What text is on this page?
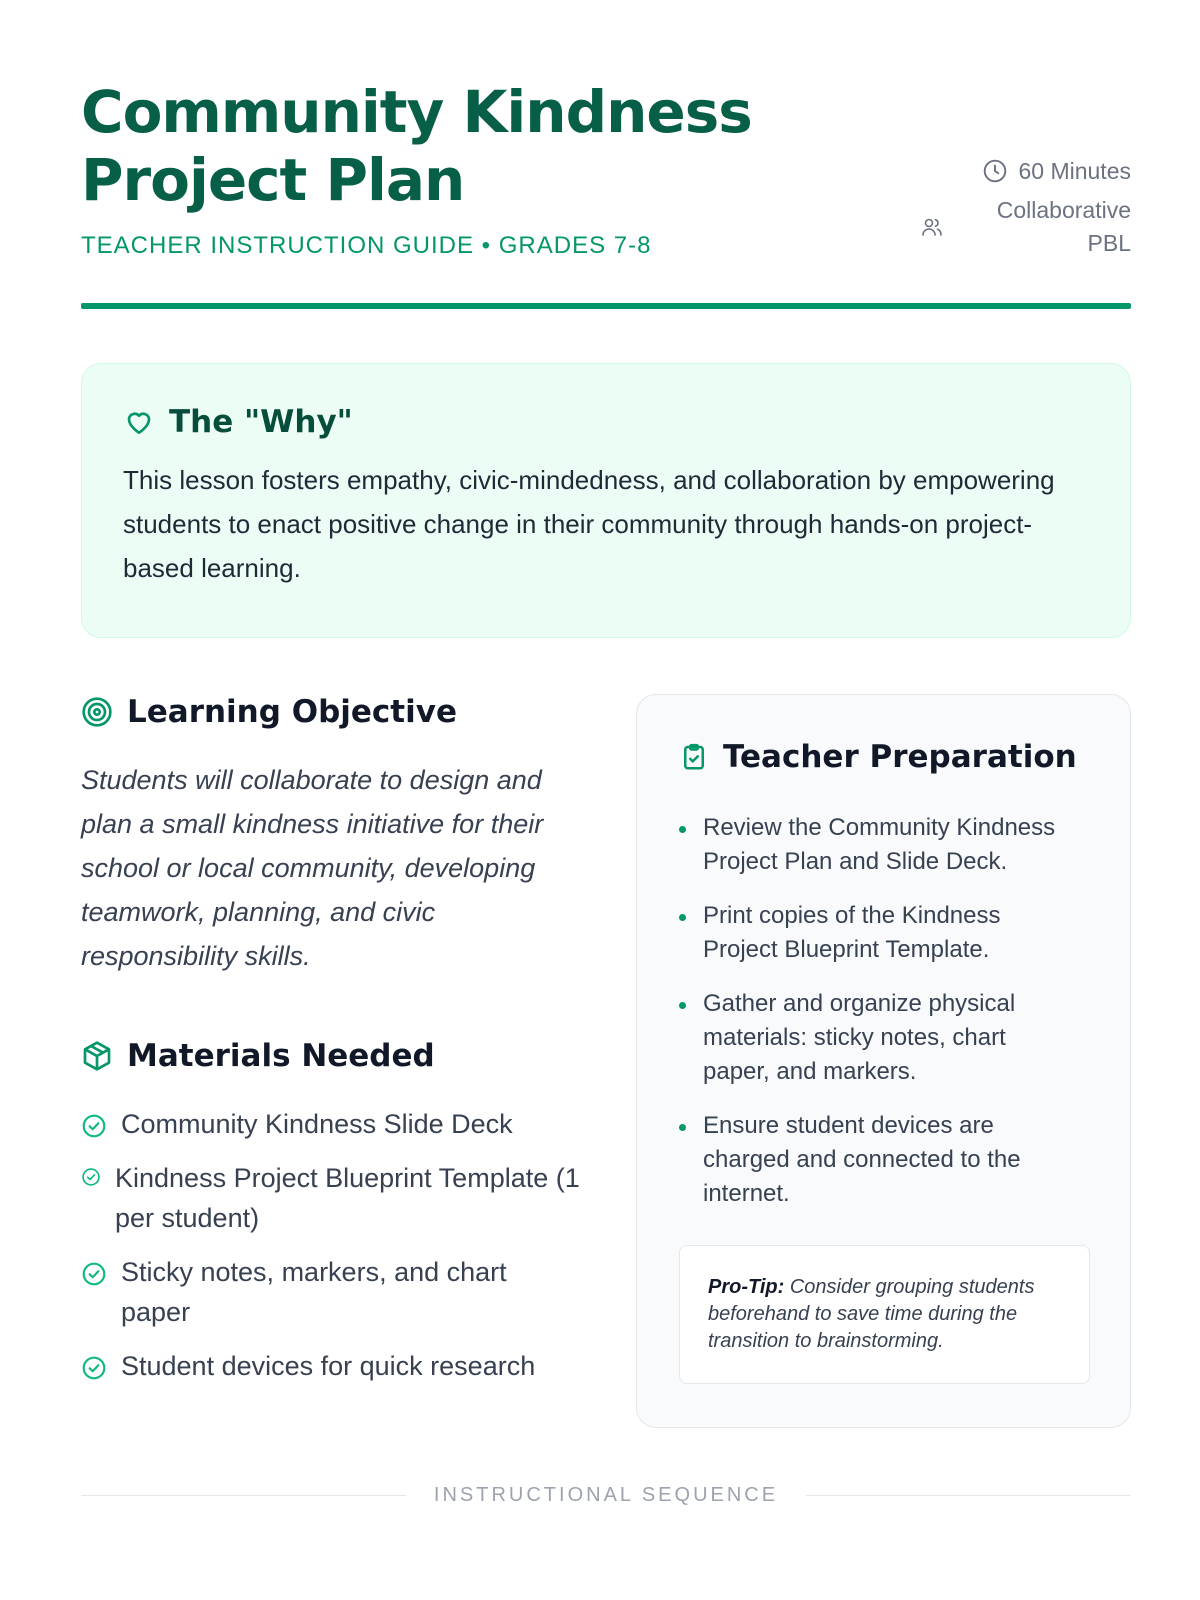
Community Kindness Project Plan
TEACHER INSTRUCTION GUIDE • GRADES 7-8
60 Minutes
Collaborative PBL
The "Why"
This lesson fosters empathy, civic-mindedness, and collaboration by empowering students to enact positive change in their community through hands-on project-based learning.
Learning Objective
Students will collaborate to design and plan a small kindness initiative for their school or local community, developing teamwork, planning, and civic responsibility skills.
Materials Needed
Community Kindness Slide Deck
Kindness Project Blueprint Template (1 per student)
Sticky notes, markers, and chart paper
Student devices for quick research
Teacher Preparation
Review the Community Kindness Project Plan and Slide Deck.
Print copies of the Kindness Project Blueprint Template.
Gather and organize physical materials: sticky notes, chart paper, and markers.
Ensure student devices are charged and connected to the internet.
Pro-Tip: Consider grouping students beforehand to save time during the transition to brainstorming.
INSTRUCTIONAL SEQUENCE
